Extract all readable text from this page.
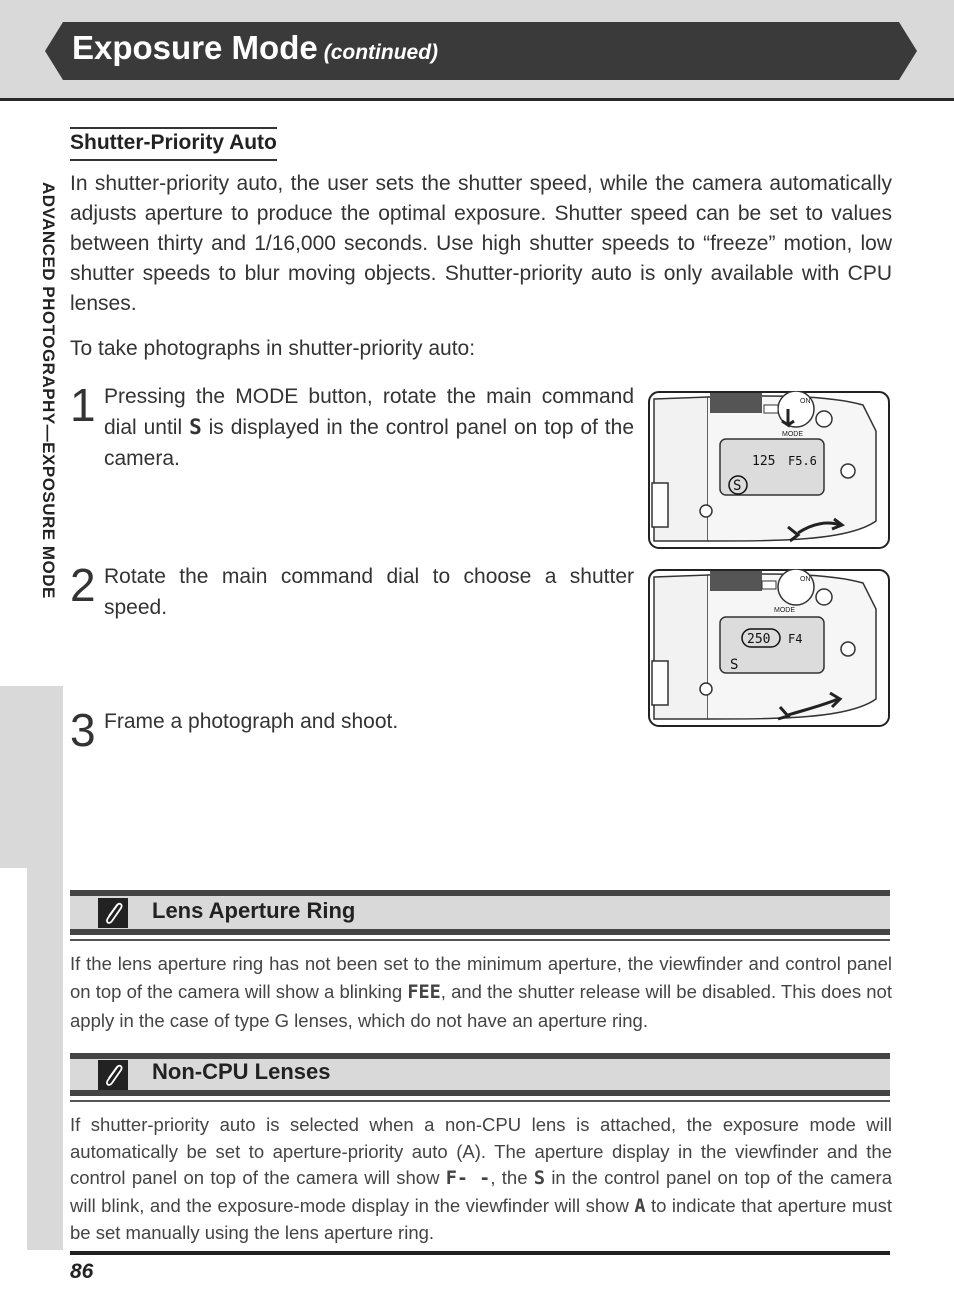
Exposure Mode (continued)
ADVANCED PHOTOGRAPHY—EXPOSURE MODE
Shutter-Priority Auto
In shutter-priority auto, the user sets the shutter speed, while the camera automatically adjusts aperture to produce the optimal exposure. Shutter speed can be set to values between thirty and 1/16,000 seconds. Use high shutter speeds to “freeze” motion, low shutter speeds to blur moving objects. Shutter-priority auto is only available with CPU lenses.
To take photographs in shutter-priority auto:
1 Pressing the MODE button, rotate the main command dial until S is displayed in the control panel on top of the camera.
2 Rotate the main command dial to choose a shutter speed.
3 Frame a photograph and shoot.
MODE
ON
125 F5.6
S
MODE
ON
250 F4
S
Lens Aperture Ring
If the lens aperture ring has not been set to the minimum aperture, the viewfinder and control panel on top of the camera will show a blinking FEE, and the shutter release will be disabled. This does not apply in the case of type G lenses, which do not have an aperture ring.
Non-CPU Lenses
If shutter-priority auto is selected when a non-CPU lens is attached, the exposure mode will automatically be set to aperture-priority auto (A). The aperture display in the viewfinder and the control panel on top of the camera will show F- -, the S in the control panel on top of the camera will blink, and the exposure-mode display in the viewfinder will show A to indicate that aperture must be set manually using the lens aperture ring.
86
